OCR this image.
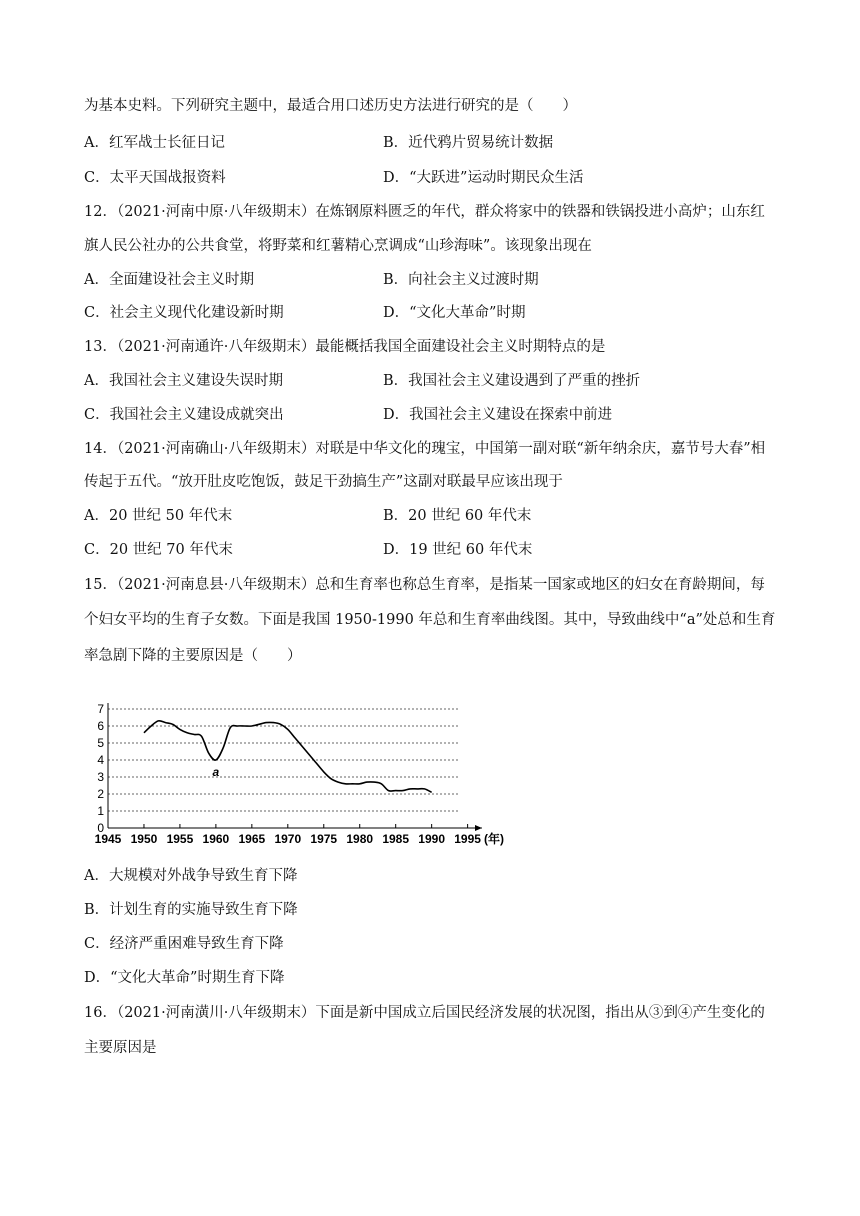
为基本史料。下列研究主题中，最适合用口述历史方法进行研究的是（　　）
A．红军战士长征日记	B．近代鸦片贸易统计数据
C．太平天国战报资料	D．“大跃进”运动时期民众生活
12．（2021·河南中原·八年级期末）在炼钢原料匮乏的年代，群众将家中的铁器和铁锅投进小高炉；山东红
旗人民公社办的公共食堂，将野菜和红薯精心烹调成“山珍海味”。该现象出现在
A．全面建设社会主义时期	B．向社会主义过渡时期
C．社会主义现代化建设新时期	D．“文化大革命”时期
13．（2021·河南通许·八年级期末）最能概括我国全面建设社会主义时期特点的是
A．我国社会主义建设失误时期	B．我国社会主义建设遇到了严重的挫折
C．我国社会主义建设成就突出	D．我国社会主义建设在探索中前进
14．（2021·河南确山·八年级期末）对联是中华文化的瑰宝，中国第一副对联“新年纳余庆，嘉节号大春”相
传起于五代。“放开肚皮吃饱饭，鼓足干劲搞生产”这副对联最早应该出现于
A．20 世纪 50 年代末	B．20 世纪 60 年代末
C．20 世纪 70 年代末	D．19 世纪 60 年代末
15．（2021·河南息县·八年级期末）总和生育率也称总生育率，是指某一国家或地区的妇女在育龄期间，每
个妇女平均的生育子女数。下面是我国 1950-1990 年总和生育率曲线图。其中，导致曲线中“a”处总和生育
率急剧下降的主要原因是（　　）
0
1
2
3
4
5
6
7
1945 1950 1955 1960 1965 1970 1975 1980 1985 1990 1995 (年)
a
A．大规模对外战争导致生育下降
B．计划生育的实施导致生育下降
C．经济严重困难导致生育下降
D．“文化大革命”时期生育下降
16．（2021·河南潢川·八年级期末）下面是新中国成立后国民经济发展的状况图，指出从③到④产生变化的
主要原因是
